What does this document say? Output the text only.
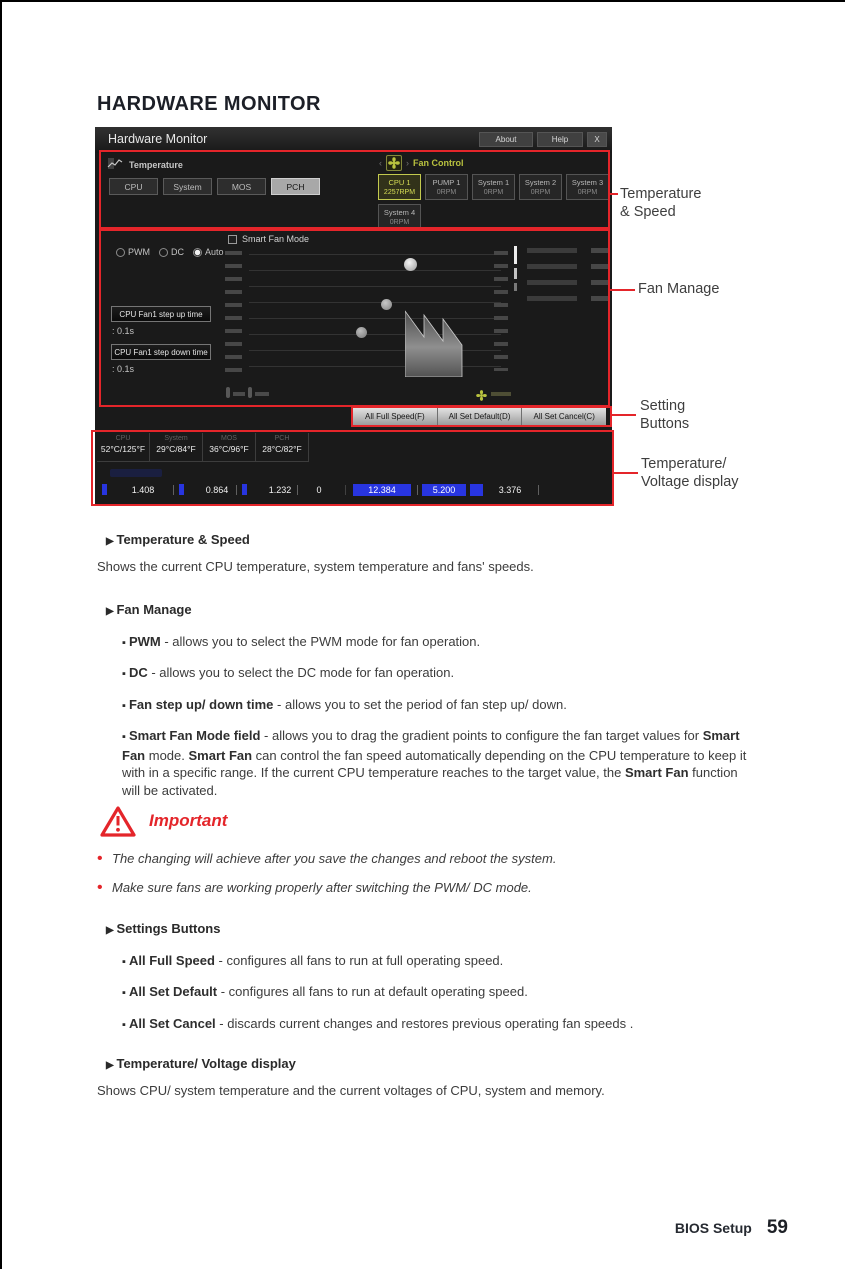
HARDWARE MONITOR
Hardware Monitor	About	Help	X
Temperature
CPU	System	MOS	PCH
‹	› Fan Control
CPU 1
2257RPM
PUMP 1
0RPM
System 1
0RPM
System 2
0RPM
System 3
0RPM
System 4
0RPM
Smart Fan Mode
PWM DC Auto
CPU Fan1 step up time
: 0.1s
CPU Fan1 step down time
: 0.1s
All Full Speed(F)	All Set Default(D)	All Set Cancel(C)
CPU
52°C/125°F
System
29°C/84°F
MOS
36°C/96°F
PCH
28°C/82°F
1.408	0.864	1.232	0	12.384	5.200	3.376
Temperature
& Speed
Fan Manage
Setting
Buttons
Temperature/
Voltage display
▶ Temperature & Speed
Shows the current CPU temperature, system temperature and fans' speeds.
▶ Fan Manage
▪ PWM - allows you to select the PWM mode for fan operation.
▪ DC - allows you to select the DC mode for fan operation.
▪ Fan step up/ down time - allows you to set the period of fan step up/ down.
▪ Smart Fan Mode field - allows you to drag the gradient points to configure the fan target values for Smart Fan mode. Smart Fan can control the fan speed automatically depending on the CPU temperature to keep it with in a specific range. If the current CPU temperature reaches to the target value, the Smart Fan function will be activated.
Important
• The changing will achieve after you save the changes and reboot the system.
• Make sure fans are working properly after switching the PWM/ DC mode.
▶ Settings Buttons
▪ All Full Speed - configures all fans to run at full operating speed.
▪ All Set Default - configures all fans to run at default operating speed.
▪ All Set Cancel - discards current changes and restores previous operating fan speeds .
▶ Temperature/ Voltage display
Shows CPU/ system temperature and the current voltages of CPU, system and memory.
BIOS Setup 59
